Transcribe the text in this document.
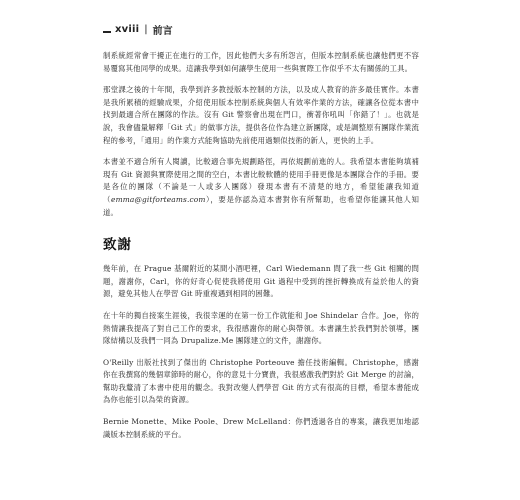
xviii | 前言

制系統經常會干擾正在進行的工作，因此他們大多有所怨言，但版本控制系統也讓他們更不容易覆寫其他同學的成果。這讓我學到如何讓學生使用一些與實際工作似乎不太有關係的工具。

那堂課之後的十年間，我學到許多教授版本控制的方法，以及成人教育的許多最佳實作。本書是我所累積的經驗成果，介紹使用版本控制系統與個人有效率作業的方法，確讓各位從本書中找到最適合所在團隊的作法。沒有 Git 警察會出現在門口，衝著你吼叫「你錯了！」。也就是說，我會儘量解釋「Git 式」的做事方法，提供各位作為建立新團隊，或是調整原有團隊作業流程的參考，「通用」的作業方式能夠協助先前使用過類似技術的新人，更快的上手。

本書並不適合所有人閱讀，比較適合事先規劃路徑，再依規劃前進的人。我希望本書能夠填補現有 Git 資源與實際使用之間的空白，本書比較軟體的使用手冊更像是本團隊合作的手冊。要是各位的團隊（不論是一人或多人團隊）發現本書有不清楚的地方，希望能讓我知道（emma@gitforteams.com），要是你認為這本書對你有所幫助，也希望你能讓其他人知道。

致謝

幾年前，在 Prague 基爾附近的某間小酒吧裡，Carl Wiedemann 問了我一些 Git 相關的問題，謝謝你，Carl，你的好奇心促使我將使用 Git 過程中受到的挫折轉換成有益於他人的資源，避免其他人在學習 Git 時重複遇到相同的困難。

在十年的獨自接案生涯後，我很幸運的在第一份工作就能和 Joe Shindelar 合作。Joe，你的熱情讓我提高了對自己工作的要求，我很感謝你的耐心與帶領。本書讓生於我們對於領導，團隊結構以及我們一同為 Drupalize.Me 團隊建立的文件，謝謝你。

O'Reilly 出版社找到了傑出的 Christophe Porteouve 擔任技術編輯。Christophe，感謝你在我撰寫的幾個章節時的耐心，你的意見十分寶貴，我很感激我們對於 Git Merge 的討論，幫助我釐清了本書中使用的觀念。我對改變人們學習 Git 的方式有很高的目標，希望本書能成為你也能引以為榮的資源。

Bernie Monette、Mike Poole、Drew McLelland：你們透過各自的專案，讓我更加地認識版本控制系統的平台。
